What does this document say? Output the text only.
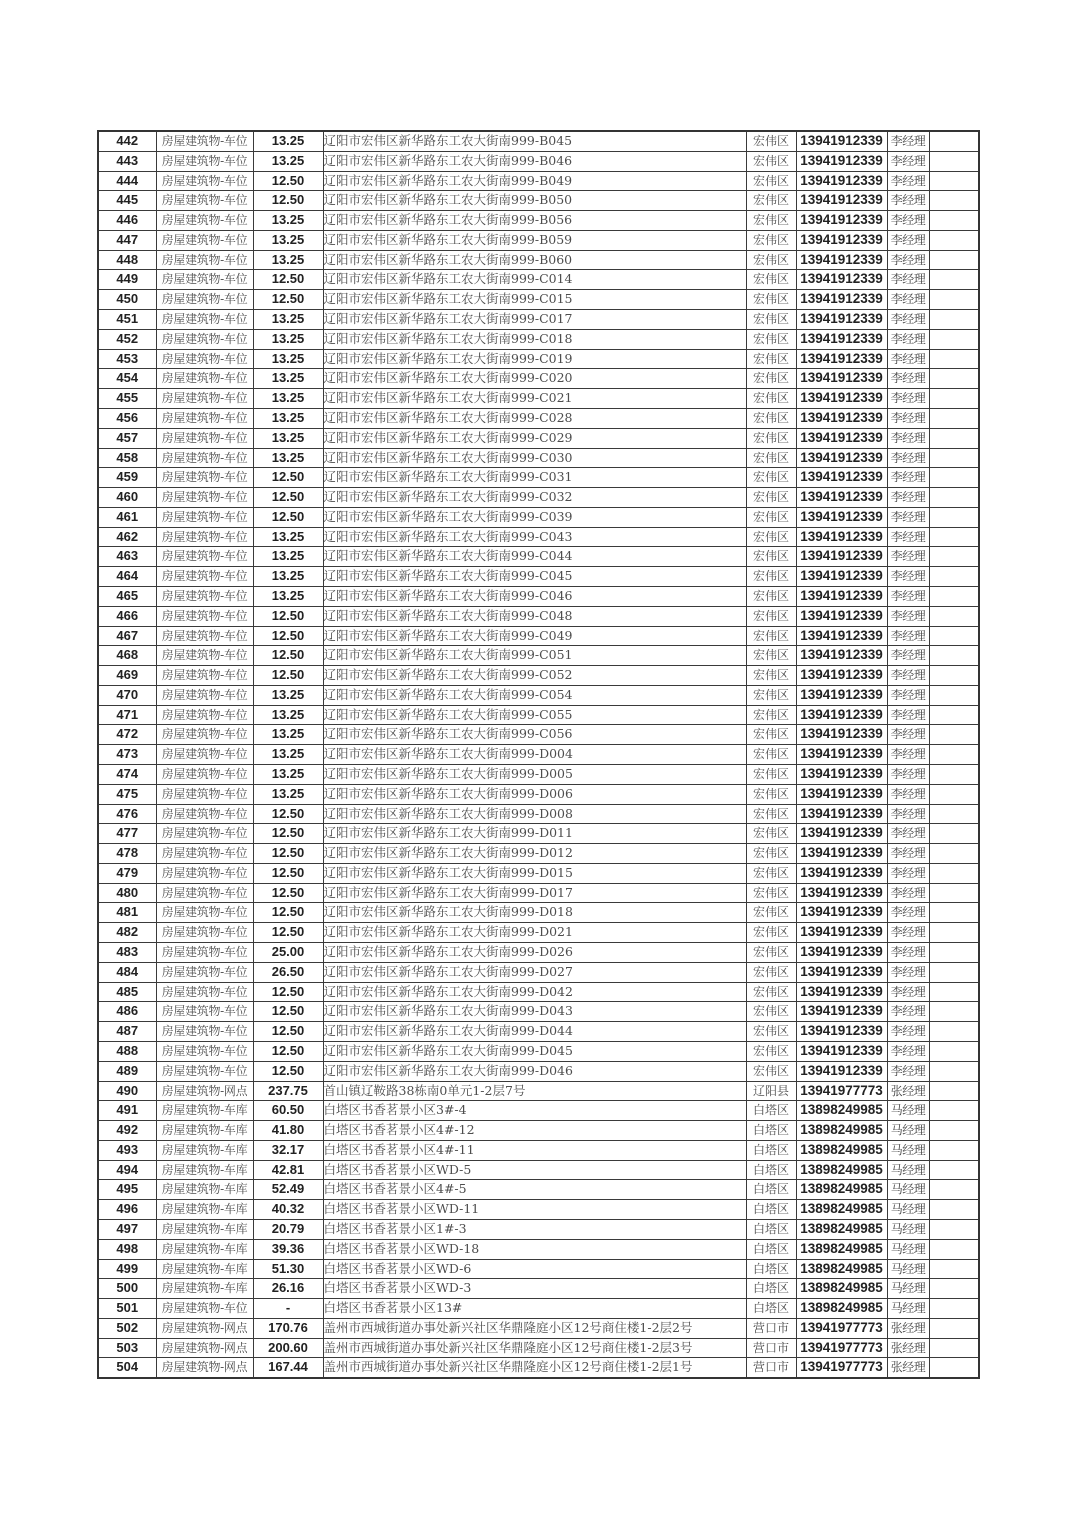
442	房屋建筑物-车位	13.25	辽阳市宏伟区新华路东工农大街南999-B045	宏伟区	13941912339	李经理	
443	房屋建筑物-车位	13.25	辽阳市宏伟区新华路东工农大街南999-B046	宏伟区	13941912339	李经理	
444	房屋建筑物-车位	12.50	辽阳市宏伟区新华路东工农大街南999-B049	宏伟区	13941912339	李经理	
445	房屋建筑物-车位	12.50	辽阳市宏伟区新华路东工农大街南999-B050	宏伟区	13941912339	李经理	
446	房屋建筑物-车位	13.25	辽阳市宏伟区新华路东工农大街南999-B056	宏伟区	13941912339	李经理	
447	房屋建筑物-车位	13.25	辽阳市宏伟区新华路东工农大街南999-B059	宏伟区	13941912339	李经理	
448	房屋建筑物-车位	13.25	辽阳市宏伟区新华路东工农大街南999-B060	宏伟区	13941912339	李经理	
449	房屋建筑物-车位	12.50	辽阳市宏伟区新华路东工农大街南999-C014	宏伟区	13941912339	李经理	
450	房屋建筑物-车位	12.50	辽阳市宏伟区新华路东工农大街南999-C015	宏伟区	13941912339	李经理	
451	房屋建筑物-车位	13.25	辽阳市宏伟区新华路东工农大街南999-C017	宏伟区	13941912339	李经理	
452	房屋建筑物-车位	13.25	辽阳市宏伟区新华路东工农大街南999-C018	宏伟区	13941912339	李经理	
453	房屋建筑物-车位	13.25	辽阳市宏伟区新华路东工农大街南999-C019	宏伟区	13941912339	李经理	
454	房屋建筑物-车位	13.25	辽阳市宏伟区新华路东工农大街南999-C020	宏伟区	13941912339	李经理	
455	房屋建筑物-车位	13.25	辽阳市宏伟区新华路东工农大街南999-C021	宏伟区	13941912339	李经理	
456	房屋建筑物-车位	13.25	辽阳市宏伟区新华路东工农大街南999-C028	宏伟区	13941912339	李经理	
457	房屋建筑物-车位	13.25	辽阳市宏伟区新华路东工农大街南999-C029	宏伟区	13941912339	李经理	
458	房屋建筑物-车位	13.25	辽阳市宏伟区新华路东工农大街南999-C030	宏伟区	13941912339	李经理	
459	房屋建筑物-车位	12.50	辽阳市宏伟区新华路东工农大街南999-C031	宏伟区	13941912339	李经理	
460	房屋建筑物-车位	12.50	辽阳市宏伟区新华路东工农大街南999-C032	宏伟区	13941912339	李经理	
461	房屋建筑物-车位	12.50	辽阳市宏伟区新华路东工农大街南999-C039	宏伟区	13941912339	李经理	
462	房屋建筑物-车位	13.25	辽阳市宏伟区新华路东工农大街南999-C043	宏伟区	13941912339	李经理	
463	房屋建筑物-车位	13.25	辽阳市宏伟区新华路东工农大街南999-C044	宏伟区	13941912339	李经理	
464	房屋建筑物-车位	13.25	辽阳市宏伟区新华路东工农大街南999-C045	宏伟区	13941912339	李经理	
465	房屋建筑物-车位	13.25	辽阳市宏伟区新华路东工农大街南999-C046	宏伟区	13941912339	李经理	
466	房屋建筑物-车位	12.50	辽阳市宏伟区新华路东工农大街南999-C048	宏伟区	13941912339	李经理	
467	房屋建筑物-车位	12.50	辽阳市宏伟区新华路东工农大街南999-C049	宏伟区	13941912339	李经理	
468	房屋建筑物-车位	12.50	辽阳市宏伟区新华路东工农大街南999-C051	宏伟区	13941912339	李经理	
469	房屋建筑物-车位	12.50	辽阳市宏伟区新华路东工农大街南999-C052	宏伟区	13941912339	李经理	
470	房屋建筑物-车位	13.25	辽阳市宏伟区新华路东工农大街南999-C054	宏伟区	13941912339	李经理	
471	房屋建筑物-车位	13.25	辽阳市宏伟区新华路东工农大街南999-C055	宏伟区	13941912339	李经理	
472	房屋建筑物-车位	13.25	辽阳市宏伟区新华路东工农大街南999-C056	宏伟区	13941912339	李经理	
473	房屋建筑物-车位	13.25	辽阳市宏伟区新华路东工农大街南999-D004	宏伟区	13941912339	李经理	
474	房屋建筑物-车位	13.25	辽阳市宏伟区新华路东工农大街南999-D005	宏伟区	13941912339	李经理	
475	房屋建筑物-车位	13.25	辽阳市宏伟区新华路东工农大街南999-D006	宏伟区	13941912339	李经理	
476	房屋建筑物-车位	12.50	辽阳市宏伟区新华路东工农大街南999-D008	宏伟区	13941912339	李经理	
477	房屋建筑物-车位	12.50	辽阳市宏伟区新华路东工农大街南999-D011	宏伟区	13941912339	李经理	
478	房屋建筑物-车位	12.50	辽阳市宏伟区新华路东工农大街南999-D012	宏伟区	13941912339	李经理	
479	房屋建筑物-车位	12.50	辽阳市宏伟区新华路东工农大街南999-D015	宏伟区	13941912339	李经理	
480	房屋建筑物-车位	12.50	辽阳市宏伟区新华路东工农大街南999-D017	宏伟区	13941912339	李经理	
481	房屋建筑物-车位	12.50	辽阳市宏伟区新华路东工农大街南999-D018	宏伟区	13941912339	李经理	
482	房屋建筑物-车位	12.50	辽阳市宏伟区新华路东工农大街南999-D021	宏伟区	13941912339	李经理	
483	房屋建筑物-车位	25.00	辽阳市宏伟区新华路东工农大街南999-D026	宏伟区	13941912339	李经理	
484	房屋建筑物-车位	26.50	辽阳市宏伟区新华路东工农大街南999-D027	宏伟区	13941912339	李经理	
485	房屋建筑物-车位	12.50	辽阳市宏伟区新华路东工农大街南999-D042	宏伟区	13941912339	李经理	
486	房屋建筑物-车位	12.50	辽阳市宏伟区新华路东工农大街南999-D043	宏伟区	13941912339	李经理	
487	房屋建筑物-车位	12.50	辽阳市宏伟区新华路东工农大街南999-D044	宏伟区	13941912339	李经理	
488	房屋建筑物-车位	12.50	辽阳市宏伟区新华路东工农大街南999-D045	宏伟区	13941912339	李经理	
489	房屋建筑物-车位	12.50	辽阳市宏伟区新华路东工农大街南999-D046	宏伟区	13941912339	李经理	
490	房屋建筑物-网点	237.75	首山镇辽鞍路38栋南0单元1-2层7号	辽阳县	13941977773	张经理	
491	房屋建筑物-车库	60.50	白塔区书香茗景小区3#-4	白塔区	13898249985	马经理	
492	房屋建筑物-车库	41.80	白塔区书香茗景小区4#-12	白塔区	13898249985	马经理	
493	房屋建筑物-车库	32.17	白塔区书香茗景小区4#-11	白塔区	13898249985	马经理	
494	房屋建筑物-车库	42.81	白塔区书香茗景小区WD-5	白塔区	13898249985	马经理	
495	房屋建筑物-车库	52.49	白塔区书香茗景小区4#-5	白塔区	13898249985	马经理	
496	房屋建筑物-车库	40.32	白塔区书香茗景小区WD-11	白塔区	13898249985	马经理	
497	房屋建筑物-车库	20.79	白塔区书香茗景小区1#-3	白塔区	13898249985	马经理	
498	房屋建筑物-车库	39.36	白塔区书香茗景小区WD-18	白塔区	13898249985	马经理	
499	房屋建筑物-车库	51.30	白塔区书香茗景小区WD-6	白塔区	13898249985	马经理	
500	房屋建筑物-车库	26.16	白塔区书香茗景小区WD-3	白塔区	13898249985	马经理	
501	房屋建筑物-车位	-	白塔区书香茗景小区13#	白塔区	13898249985	马经理	
502	房屋建筑物-网点	170.76	盖州市西城街道办事处新兴社区华鼎隆庭小区12号商住楼1-2层2号	营口市	13941977773	张经理	
503	房屋建筑物-网点	200.60	盖州市西城街道办事处新兴社区华鼎隆庭小区12号商住楼1-2层3号	营口市	13941977773	张经理	
504	房屋建筑物-网点	167.44	盖州市西城街道办事处新兴社区华鼎隆庭小区12号商住楼1-2层1号	营口市	13941977773	张经理	
